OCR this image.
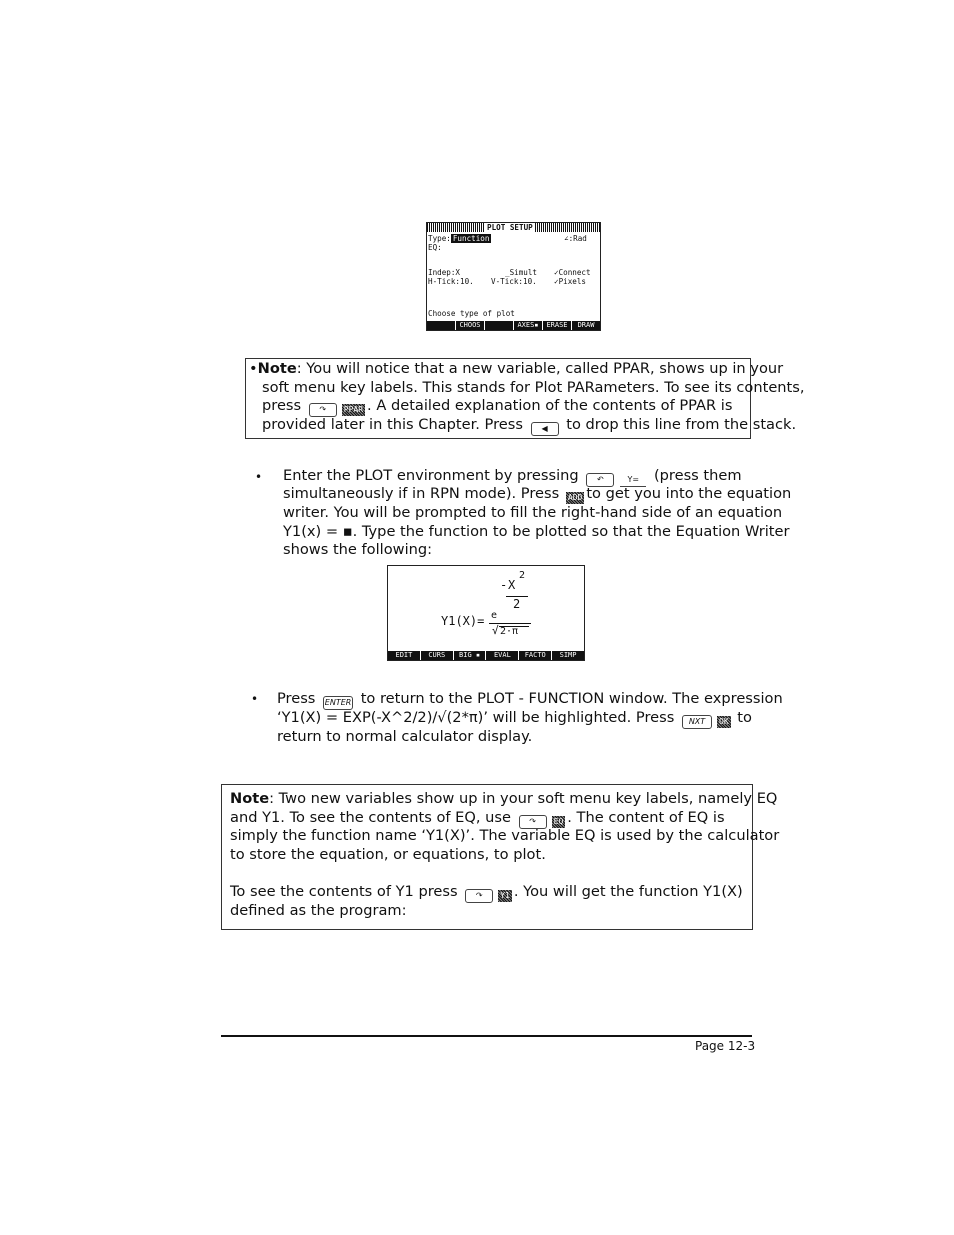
PLOT SETUP
Type: Function	∠:Rad
EQ:
Indep:X	_Simult ✓Connect
H-Tick:10. V-Tick:10. ✓Pixels
Choose type of plot
CHOOS	AXES▪	ERASE	DRAW
•Note: You will notice that a new variable, called PPAR, shows up in your
soft menu key labels. This stands for Plot PARameters. To see its contents,
press ↷ PPAR . A detailed explanation of the contents of PPAR is
provided later in this Chapter. Press ◀ to drop this line from the stack.
• Enter the PLOT environment by pressing ↶	Y= (press them
simultaneously if in RPN mode). Press ADD to get you into the equation
writer. You will be prompted to fill the right-hand side of an equation
Y1(x) = ▪. Type the function to be plotted so that the Equation Writer
shows the following:
Y1(X)= e
- X
2
2
√ 2·π
EDIT	CURS	BIG ▪	EVAL	FACTO	SIMP
• Press ENTER to return to the PLOT - FUNCTION window. The expression
‘Y1(X) = EXP(-X^2/2)/√(2*π)’ will be highlighted. Press NXT OK to
return to normal calculator display.
Note: Two new variables show up in your soft menu key labels, namely EQ
and Y1. To see the contents of EQ, use ↷ EQ . The content of EQ is
simply the function name ‘Y1(X)’. The variable EQ is used by the calculator
to store the equation, or equations, to plot.
To see the contents of Y1 press ↷ Y1 . You will get the function Y1(X)
defined as the program:
Page 12-3
